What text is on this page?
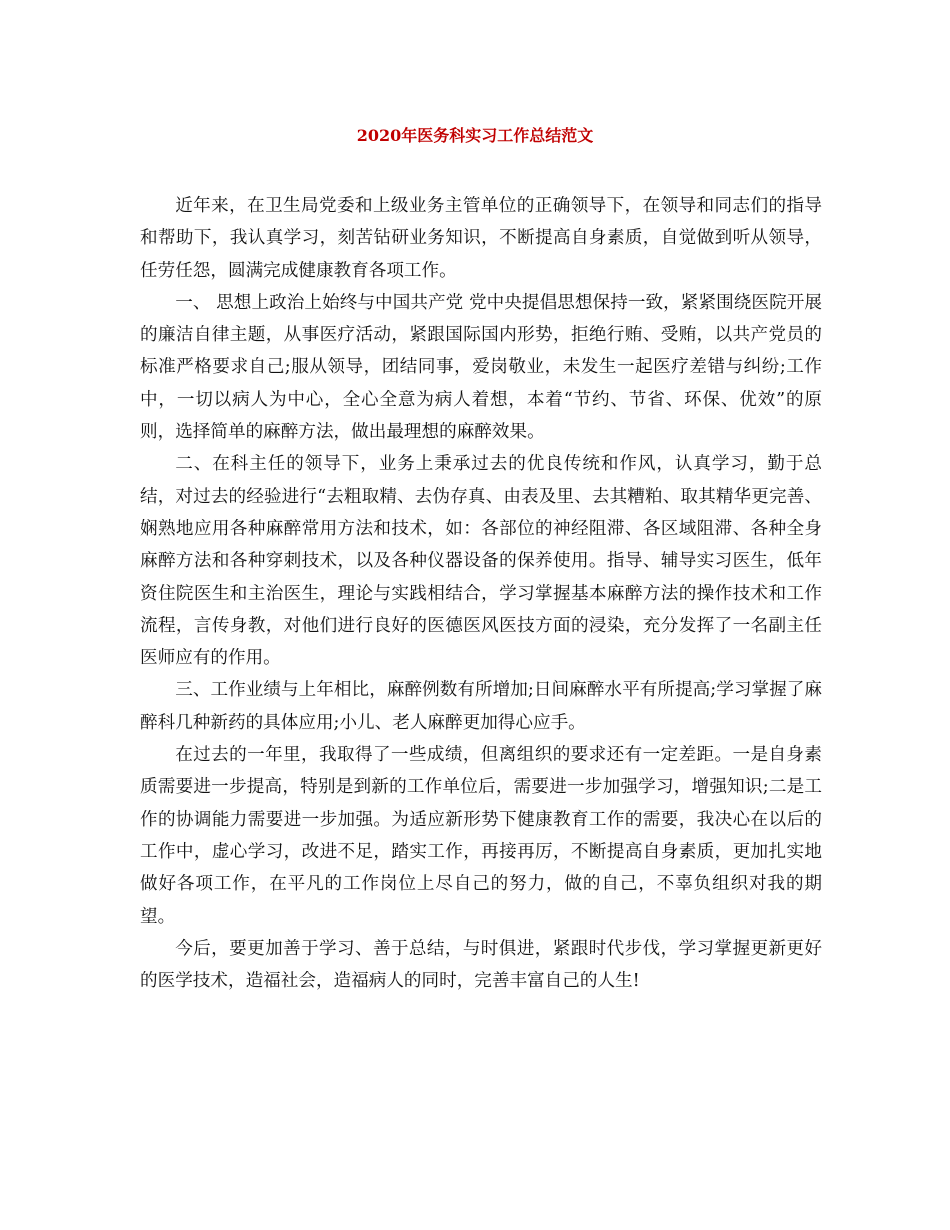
2020年医务科实习工作总结范文

近年来，在卫生局党委和上级业务主管单位的正确领导下，在领导和同志们的指导和帮助下，我认真学习，刻苦钻研业务知识，不断提高自身素质，自觉做到听从领导，任劳任怨，圆满完成健康教育各项工作。

一、 思想上政治上始终与中国共产党 党中央提倡思想保持一致，紧紧围绕医院开展的廉洁自律主题，从事医疗活动，紧跟国际国内形势，拒绝行贿、受贿，以共产党员的标准严格要求自己;服从领导，团结同事，爱岗敬业，未发生一起医疗差错与纠纷;工作中，一切以病人为中心，全心全意为病人着想，本着“节约、节省、环保、优效”的原则，选择简单的麻醉方法，做出最理想的麻醉效果。

二、在科主任的领导下，业务上秉承过去的优良传统和作风，认真学习，勤于总结，对过去的经验进行“去粗取精、去伪存真、由表及里、去其糟粕、取其精华更完善、娴熟地应用各种麻醉常用方法和技术，如：各部位的神经阻滞、各区域阻滞、各种全身麻醉方法和各种穿刺技术，以及各种仪器设备的保养使用。指导、辅导实习医生，低年资住院医生和主治医生，理论与实践相结合，学习掌握基本麻醉方法的操作技术和工作流程，言传身教，对他们进行良好的医德医风医技方面的浸染，充分发挥了一名副主任医师应有的作用。

三、工作业绩与上年相比，麻醉例数有所增加;日间麻醉水平有所提高;学习掌握了麻醉科几种新药的具体应用;小儿、老人麻醉更加得心应手。

在过去的一年里，我取得了一些成绩，但离组织的要求还有一定差距。一是自身素质需要进一步提高，特别是到新的工作单位后，需要进一步加强学习，增强知识;二是工作的协调能力需要进一步加强。为适应新形势下健康教育工作的需要，我决心在以后的工作中，虚心学习，改进不足，踏实工作，再接再厉，不断提高自身素质，更加扎实地做好各项工作，在平凡的工作岗位上尽自己的努力，做的自己，不辜负组织对我的期望。

今后，要更加善于学习、善于总结，与时俱进，紧跟时代步伐，学习掌握更新更好的医学技术，造福社会，造福病人的同时，完善丰富自己的人生!
